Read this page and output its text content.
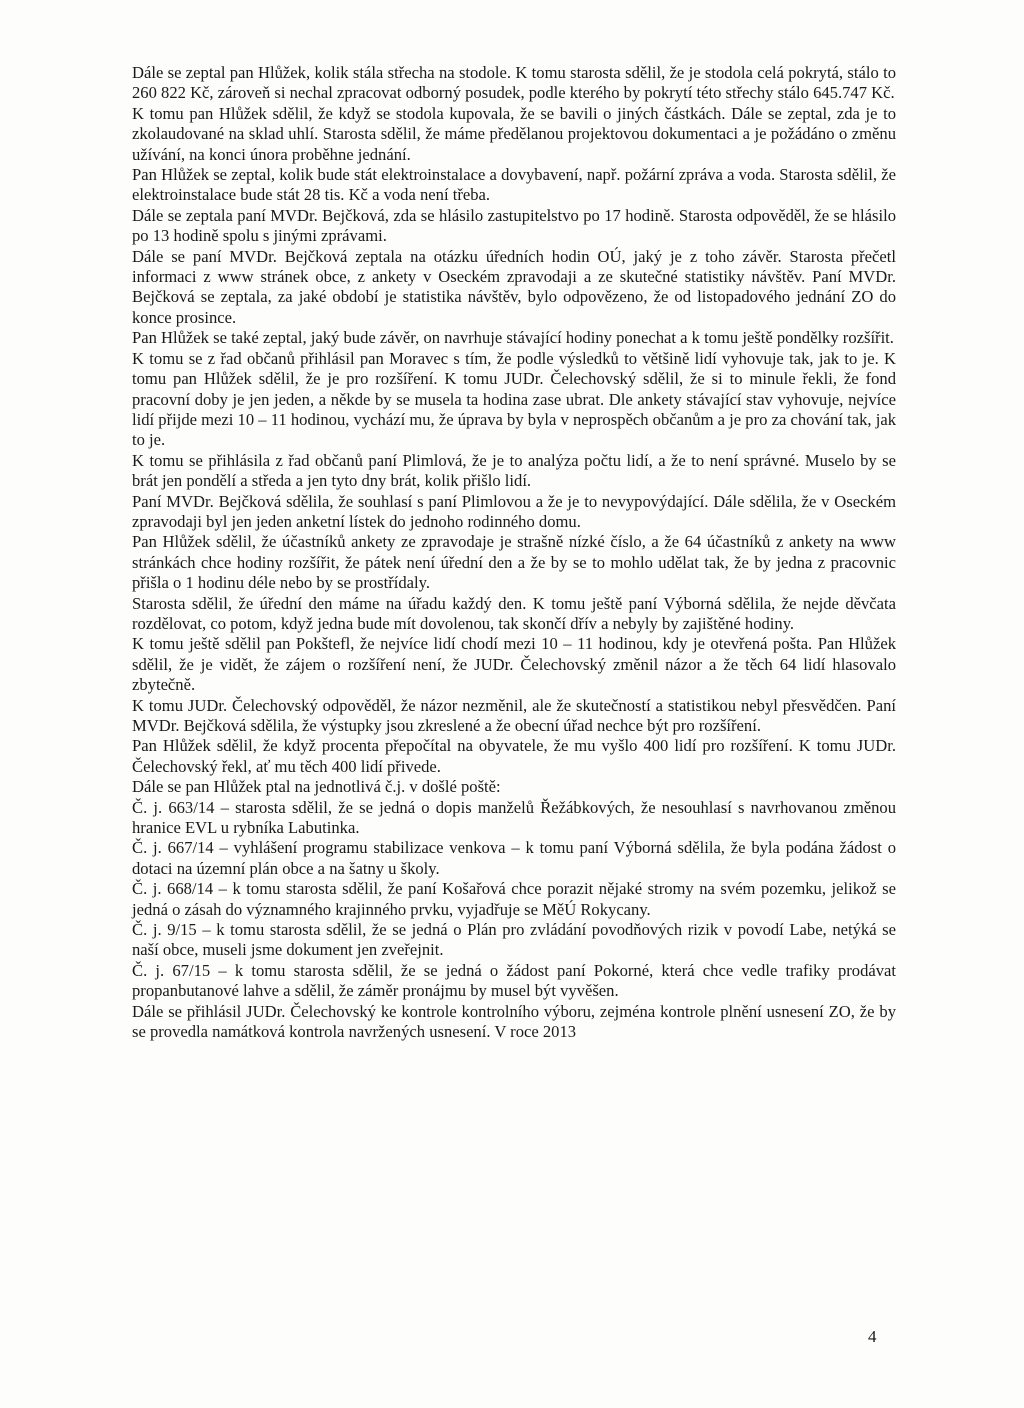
Dále se zeptal pan Hlůžek, kolik stála střecha na stodole. K tomu starosta sdělil, že je stodola celá pokrytá, stálo to 260 822 Kč, zároveň si nechal zpracovat odborný posudek, podle kterého by pokrytí této střechy stálo 645.747 Kč.

K tomu pan Hlůžek sdělil, že když se stodola kupovala, že se bavili o jiných částkách. Dále se zeptal, zda je to zkolaudované na sklad uhlí. Starosta sdělil, že máme předělanou projektovou dokumentaci a je požádáno o změnu užívání, na konci února proběhne jednání.

Pan Hlůžek se zeptal, kolik bude stát elektroinstalace a dovybavení, např. požární zpráva a voda. Starosta sdělil, že elektroinstalace bude stát 28 tis. Kč a voda není třeba.

Dále se zeptala paní MVDr. Bejčková, zda se hlásilo zastupitelstvo po 17 hodině. Starosta odpověděl, že se hlásilo po 13 hodině spolu s jinými zprávami.

Dále se paní MVDr. Bejčková zeptala na otázku úředních hodin OÚ, jaký je z toho závěr. Starosta přečetl informaci z www stránek obce, z ankety v Oseckém zpravodaji a ze skutečné statistiky návštěv. Paní MVDr. Bejčková se zeptala, za jaké období je statistika návštěv, bylo odpovězeno, že od listopadového jednání ZO do konce prosince.

Pan Hlůžek se také zeptal, jaký bude závěr, on navrhuje stávající hodiny ponechat a k tomu ještě pondělky rozšířit.

K tomu se z řad občanů přihlásil pan Moravec s tím, že podle výsledků to většině lidí vyhovuje tak, jak to je. K tomu pan Hlůžek sdělil, že je pro rozšíření. K tomu JUDr. Čelechovský sdělil, že si to minule řekli, že fond pracovní doby je jen jeden, a někde by se musela ta hodina zase ubrat. Dle ankety stávající stav vyhovuje, nejvíce lidí přijde mezi 10 – 11 hodinou, vychází mu, že úprava by byla v neprospěch občanům a je pro za chování tak, jak to je.

K tomu se přihlásila z řad občanů paní Plimlová, že je to analýza počtu lidí, a že to není správné. Muselo by se brát jen pondělí a středa a jen tyto dny brát, kolik přišlo lidí.

Paní MVDr. Bejčková sdělila, že souhlasí s paní Plimlovou a že je to nevypovýdající. Dále sdělila, že v Oseckém zpravodaji byl jen jeden anketní lístek do jednoho rodinného domu.

Pan Hlůžek sdělil, že účastníků ankety ze zpravodaje je strašně nízké číslo, a že 64 účastníků z ankety na www stránkách chce hodiny rozšířit, že pátek není úřední den a že by se to mohlo udělat tak, že by jedna z pracovnic přišla o 1 hodinu déle nebo by se prostřídaly.

Starosta sdělil, že úřední den máme na úřadu každý den. K tomu ještě paní Výborná sdělila, že nejde děvčata rozdělovat, co potom, když jedna bude mít dovolenou, tak skončí dřív a nebyly by zajištěné hodiny.

K tomu ještě sdělil pan Pokštefl, že nejvíce lidí chodí mezi 10 – 11 hodinou, kdy je otevřená pošta. Pan Hlůžek sdělil, že je vidět, že zájem o rozšíření není, že JUDr. Čelechovský změnil názor a že těch 64 lidí hlasovalo zbytečně.

K tomu JUDr. Čelechovský odpověděl, že názor nezměnil, ale že skutečností a statistikou nebyl přesvědčen. Paní MVDr. Bejčková sdělila, že výstupky jsou zkreslené a že obecní úřad nechce být pro rozšíření.

Pan Hlůžek sdělil, že když procenta přepočítal na obyvatele, že mu vyšlo 400 lidí pro rozšíření. K tomu JUDr. Čelechovský řekl, ať mu těch 400 lidí přivede.

Dále se pan Hlůžek ptal na jednotlivá č.j. v došlé poště:

Č. j. 663/14 – starosta sdělil, že se jedná o dopis manželů Řežábkových, že nesouhlasí s navrhovanou změnou hranice EVL u rybníka Labutinka.

Č. j. 667/14 – vyhlášení programu stabilizace venkova – k tomu paní Výborná sdělila, že byla podána žádost o dotaci na územní plán obce a na šatny u školy.

Č. j. 668/14 – k tomu starosta sdělil, že paní Košařová chce porazit nějaké stromy na svém pozemku, jelikož se jedná o zásah do významného krajinného prvku, vyjadřuje se MěÚ Rokycany.

Č. j. 9/15 – k tomu starosta sdělil, že se jedná o Plán pro zvládání povodňových rizik v povodí Labe, netýká se naší obce, museli jsme dokument jen zveřejnit.

Č. j. 67/15 – k tomu starosta sdělil, že se jedná o žádost paní Pokorné, která chce vedle trafiky prodávat propanbutanové lahve a sdělil, že záměr pronájmu by musel být vyvěšen.

Dále se přihlásil JUDr. Čelechovský ke kontrole kontrolního výboru, zejména kontrole plnění usnesení ZO, že by se provedla namátková kontrola navržených usnesení. V roce 2013

4
